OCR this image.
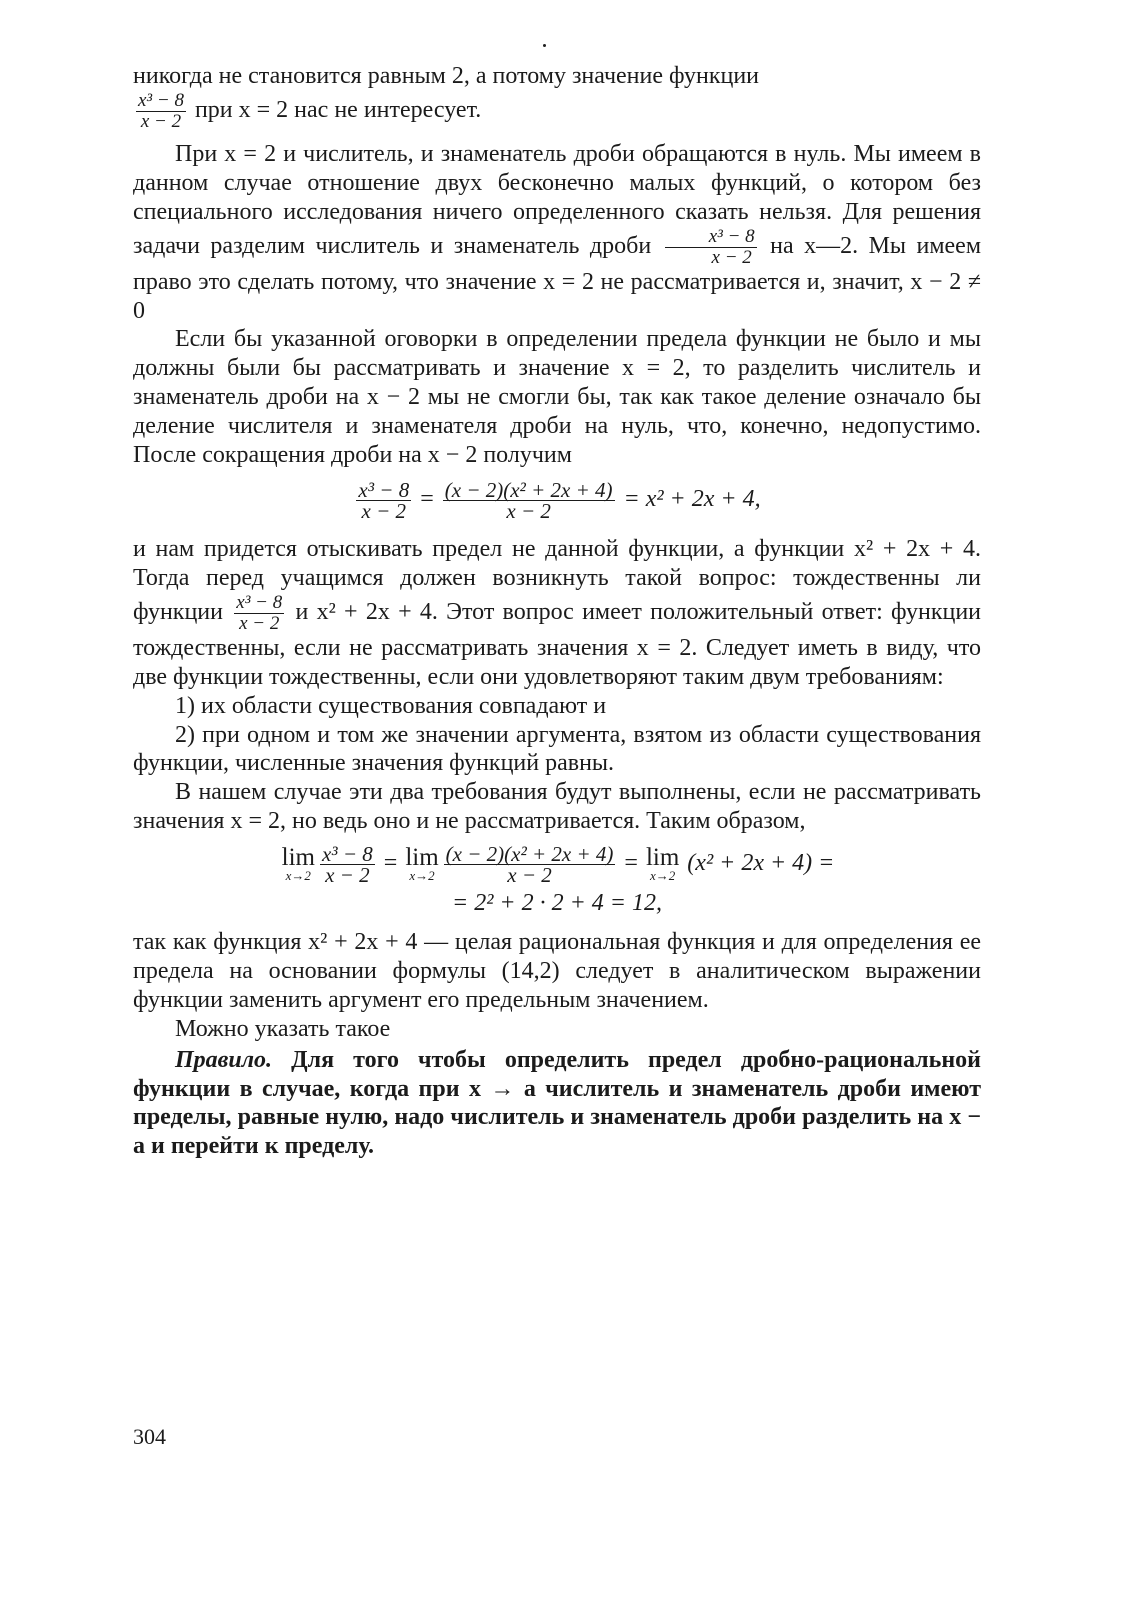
никогда не становится равным 2, а потому значение функции

$\frac{\text{x³ − 8}}{x - 2}$ при x = 2 нас не интересует.
При x = 2 и числитель, и знаменатель дроби обращаются в нуль. Мы имеем в данном случае отношение двух бесконечно малых функций, о котором без специального исследования ничего определенного сказать нельзя. Для решения задачи разделим числитель и знаменатель дроби $\frac{\text{x³ − 8}}{x - 2}$ на x—2. Мы имеем право это сделать потому, что значение x = 2 не рассматривается и, значит, x − 2 ≠ 0
Если бы указанной оговорки в определении предела функции не было и мы должны были бы рассматривать и значение x = 2, то разделить числитель и знаменатель дроби на x − 2 мы не смогли бы, так как такое деление означало бы деление числителя и знаменателя дроби на нуль, что, конечно, недопустимо. После сокращения дроби на x − 2 получим
$\frac{\text{x³ − 8}}{x - 2} = \frac{\text{(x − 2)(x² + 2x + 4)}}{x - 2} = x^2 + 2x + 4$,
и нам придется отыскивать предел не данной функции, а функции x² + 2x + 4. Тогда перед учащимся должен возникнуть такой вопрос: тождественны ли функции $\frac{\text{x³ − 8}}{x - 2}$ и x² + 2x + 4. Этот вопрос имеет положительный ответ: функции тождественны, если не рассматривать значения x = 2. Следует иметь в виду, что две функции тождественны, если они удовлетворяют таким двум требованиям:
1) их области существования совпадают и
2) при одном и том же значении аргумента, взятом из области существования функции, численные значения функций равны.
В нашем случае эти два требования будут выполнены, если не рассматривать значения x = 2, но ведь оно и не рассматривается. Таким образом,
lim
$x\to 2 \frac{\text{x³ − 8}}{x - 2} = \lim$
$x\to 2 \frac{\text{(x − 2)(x² + 2x + 4)}}{x - 2} = \lim$
x→2 (x² + 2x + 4) =
= 2² + 2 · 2 + 4 = 12,
так как функция x² + 2x + 4 — целая рациональная функция и для определения ее предела на основании формулы (14,2) следует в аналитическом выражении функции заменить аргумент его предельным значением.
Можно указать такое
Правило. Для того чтобы определить предел дробно-рациональной функции в случае, когда при x → a числитель и знаменатель дроби имеют пределы, равные нулю, надо числитель и знаменатель дроби разделить на x − a и перейти к пределу.
304
